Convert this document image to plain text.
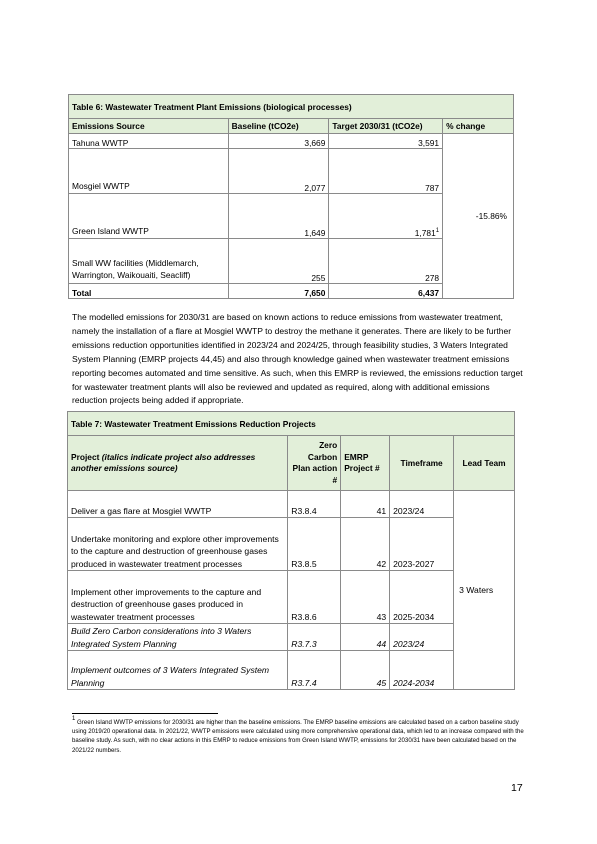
Table 6: Wastewater Treatment Plant Emissions (biological processes)			
Emissions Source	Baseline (tCO2e)	Target 2030/31 (tCO2e)	% change
Tahuna WWTP	3,669	3,591	-15.86%
Mosgiel WWTP	2,077	787	
Green Island WWTP	1,649	1,781$^1$
Small WW facilities (Middlemarch, Warrington, Waikouaiti, Seacliff)	255	278	
Total	7,650	6,437	
The modelled emissions for 2030/31 are based on known actions to reduce emissions from wastewater treatment, namely the installation of a flare at Mosgiel WWTP to destroy the methane it generates. There are likely to be further emissions reduction opportunities identified in 2023/24 and 2024/25, through feasibility studies, 3 Waters Integrated System Planning (EMRP projects 44,45) and also through knowledge gained when wastewater treatment emissions reporting becomes automated and time sensitive. As such, when this EMRP is reviewed, the emissions reduction target for wastewater treatment plants will also be reviewed and updated as required, along with additional emissions reduction projects being added if appropriate.
Table 7: Wastewater Treatment Emissions Reduction Projects				
Project (italics indicate project also addresses another emissions source)	Zero Carbon Plan action #	EMRP Project #	Timeframe	Lead Team
Deliver a gas flare at Mosgiel WWTP	R3.8.4	41	2023/24	3 Waters
Undertake monitoring and explore other improvements to the capture and destruction of greenhouse gases produced in wastewater treatment processes	R3.8.5	42	2023-2027	
Implement other improvements to the capture and destruction of greenhouse gases produced in wastewater treatment processes	R3.8.6	43	2025-2034	
Build Zero Carbon considerations into 3 Waters Integrated System Planning	R3.7.3	44	2023/24	
Implement outcomes of 3 Waters Integrated System Planning	R3.7.4	45	2024-2034	
$^1$ Green Island WWTP emissions for 2030/31 are higher than the baseline emissions. The EMRP baseline emissions are calculated based on a carbon baseline study using 2019/20 operational data. In 2021/22, WWTP emissions were calculated using more comprehensive operational data, which led to an increase compared with the baseline study. As such, with no clear actions in this EMRP to reduce emissions from Green Island WWTP, emissions for 2030/31 have been calculated based on the 2021/22 numbers.
17
